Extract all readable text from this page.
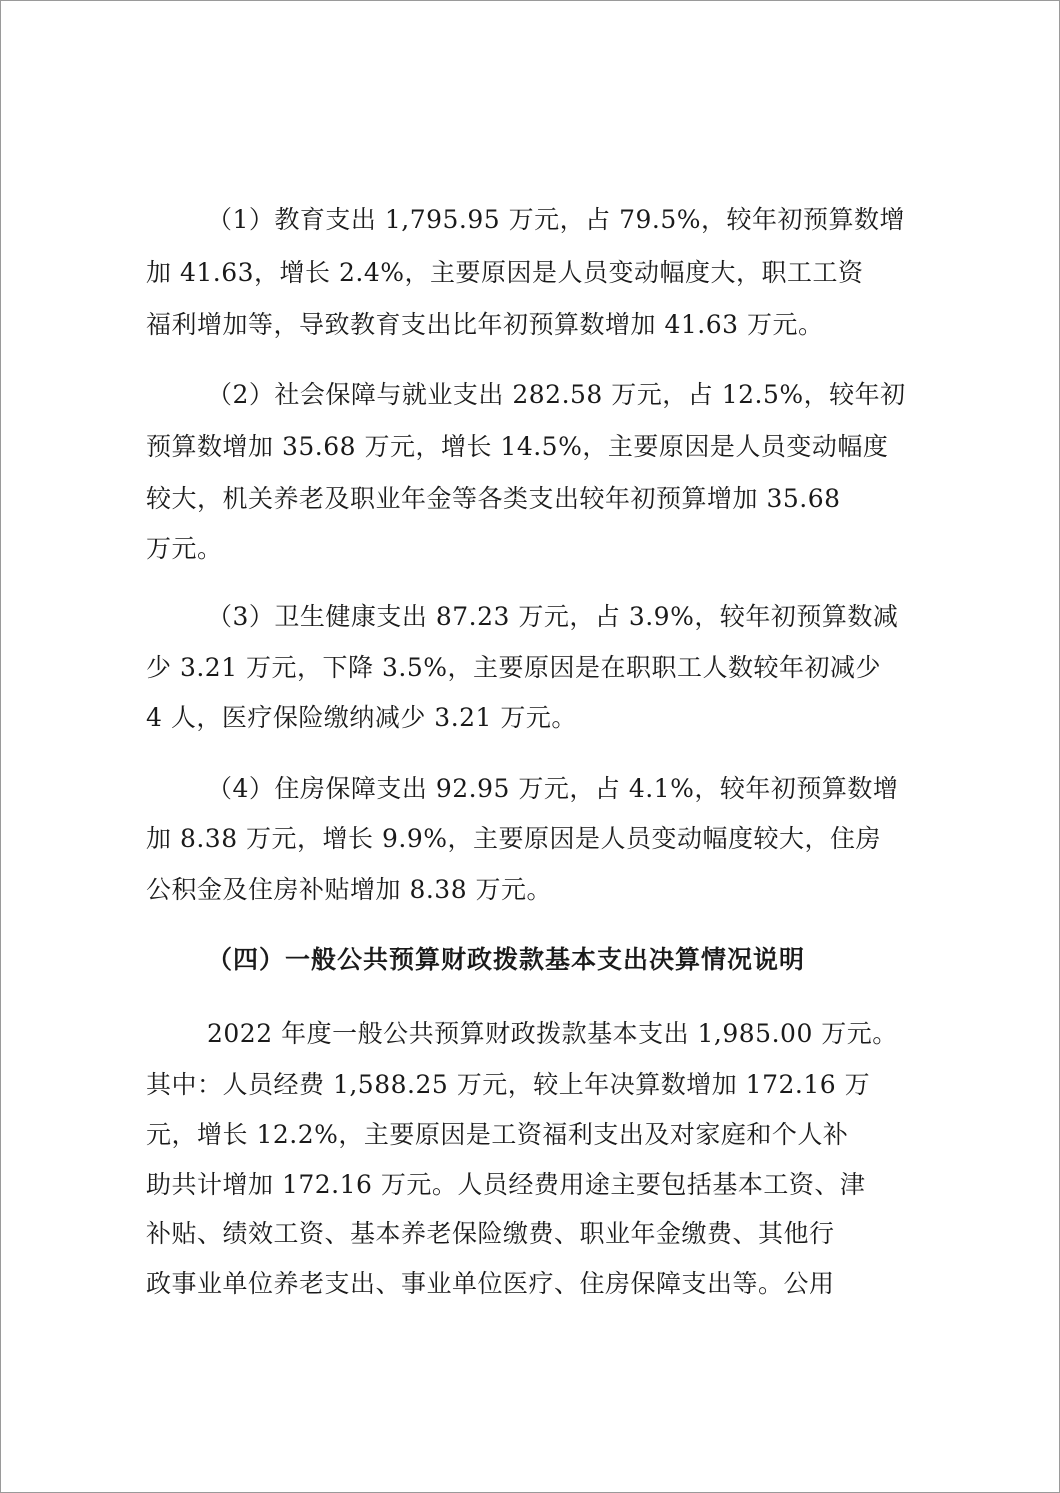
（1）教育支出 1,795.95 万元，占 79.5%，较年初预算数增
加 41.63，增长 2.4%，主要原因是人员变动幅度大，职工工资
福利增加等，导致教育支出比年初预算数增加 41.63 万元。
（2）社会保障与就业支出 282.58 万元，占 12.5%，较年初
预算数增加 35.68 万元，增长 14.5%，主要原因是人员变动幅度
较大，机关养老及职业年金等各类支出较年初预算增加 35.68
万元。
（3）卫生健康支出 87.23 万元，占 3.9%，较年初预算数减
少 3.21 万元，下降 3.5%，主要原因是在职职工人数较年初减少
4 人，医疗保险缴纳减少 3.21 万元。
（4）住房保障支出 92.95 万元，占 4.1%，较年初预算数增
加 8.38 万元，增长 9.9%，主要原因是人员变动幅度较大，住房
公积金及住房补贴增加 8.38 万元。
（四）一般公共预算财政拨款基本支出决算情况说明
2022 年度一般公共预算财政拨款基本支出 1,985.00 万元。
其中：人员经费 1,588.25 万元，较上年决算数增加 172.16 万
元，增长 12.2%，主要原因是工资福利支出及对家庭和个人补
助共计增加 172.16 万元。人员经费用途主要包括基本工资、津
补贴、绩效工资、基本养老保险缴费、职业年金缴费、其他行
政事业单位养老支出、事业单位医疗、住房保障支出等。公用
